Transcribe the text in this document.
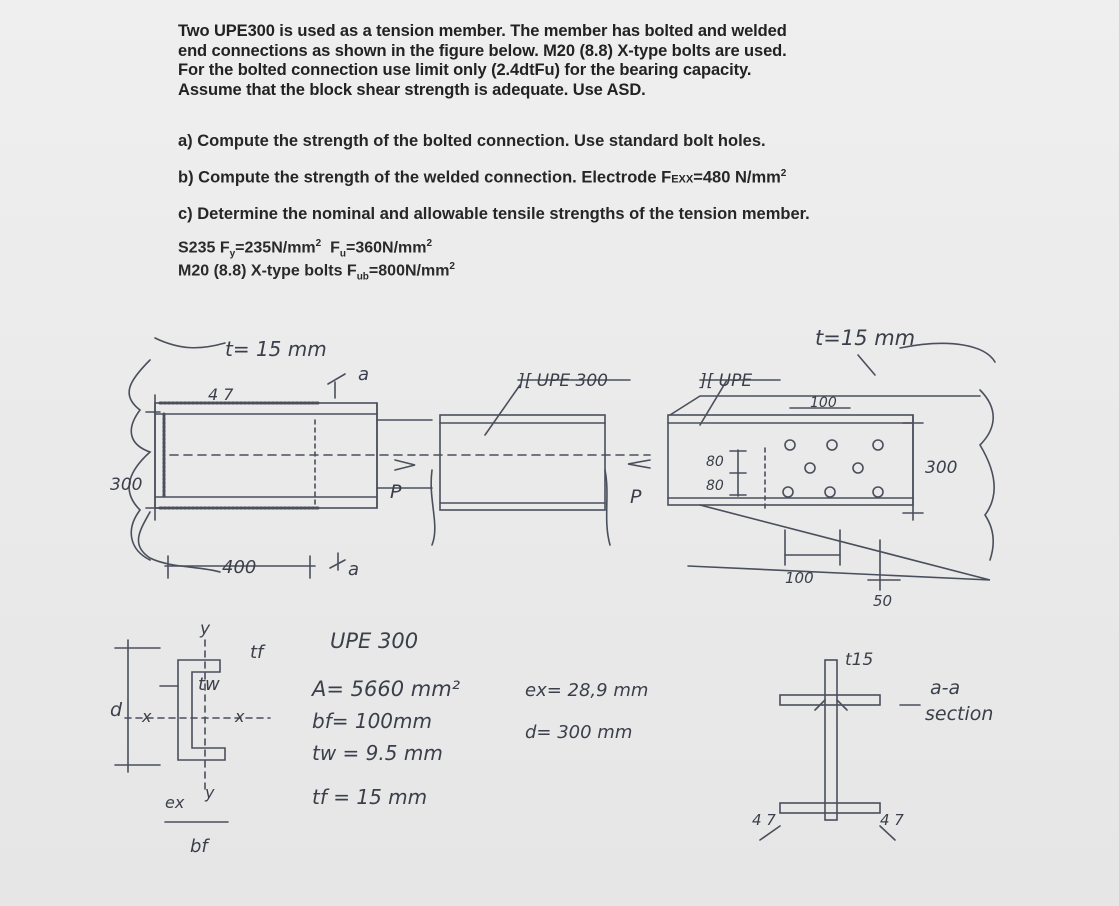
Two UPE300 is used as a tension member. The member has bolted and welded
end connections as shown in the figure below. M20 (8.8) X-type bolts are used.
For the bolted connection use limit only (2.4dtFu) for the bearing capacity.
Assume that the block shear strength is adequate. Use ASD.

a) Compute the strength of the bolted connection. Use standard bolt holes.
b) Compute the strength of the welded connection. Electrode FEXX=480 $N/mm^2$
c) Determine the nominal and allowable tensile strengths of the tension member.
S235 $F_y=235N/mm^2$  $F_u=360N/mm^2$
M20 (8.8) X-type bolts $F_{ub}=800N/mm^2$
t= 15 mm
4 7
a
300
400
P
a
][ UPE 300	][ UPE
t=15 mm
100
80
80
P
300
100
50
y
tf
tw
x	x
d
ex
y
bf
UPE 300
A= 5660 mm²
bf= 100mm
tw = 9.5 mm
tf = 15 mm
ex= 28,9 mm
d= 300 mm
t15
a-a
section
4 7	4 7
